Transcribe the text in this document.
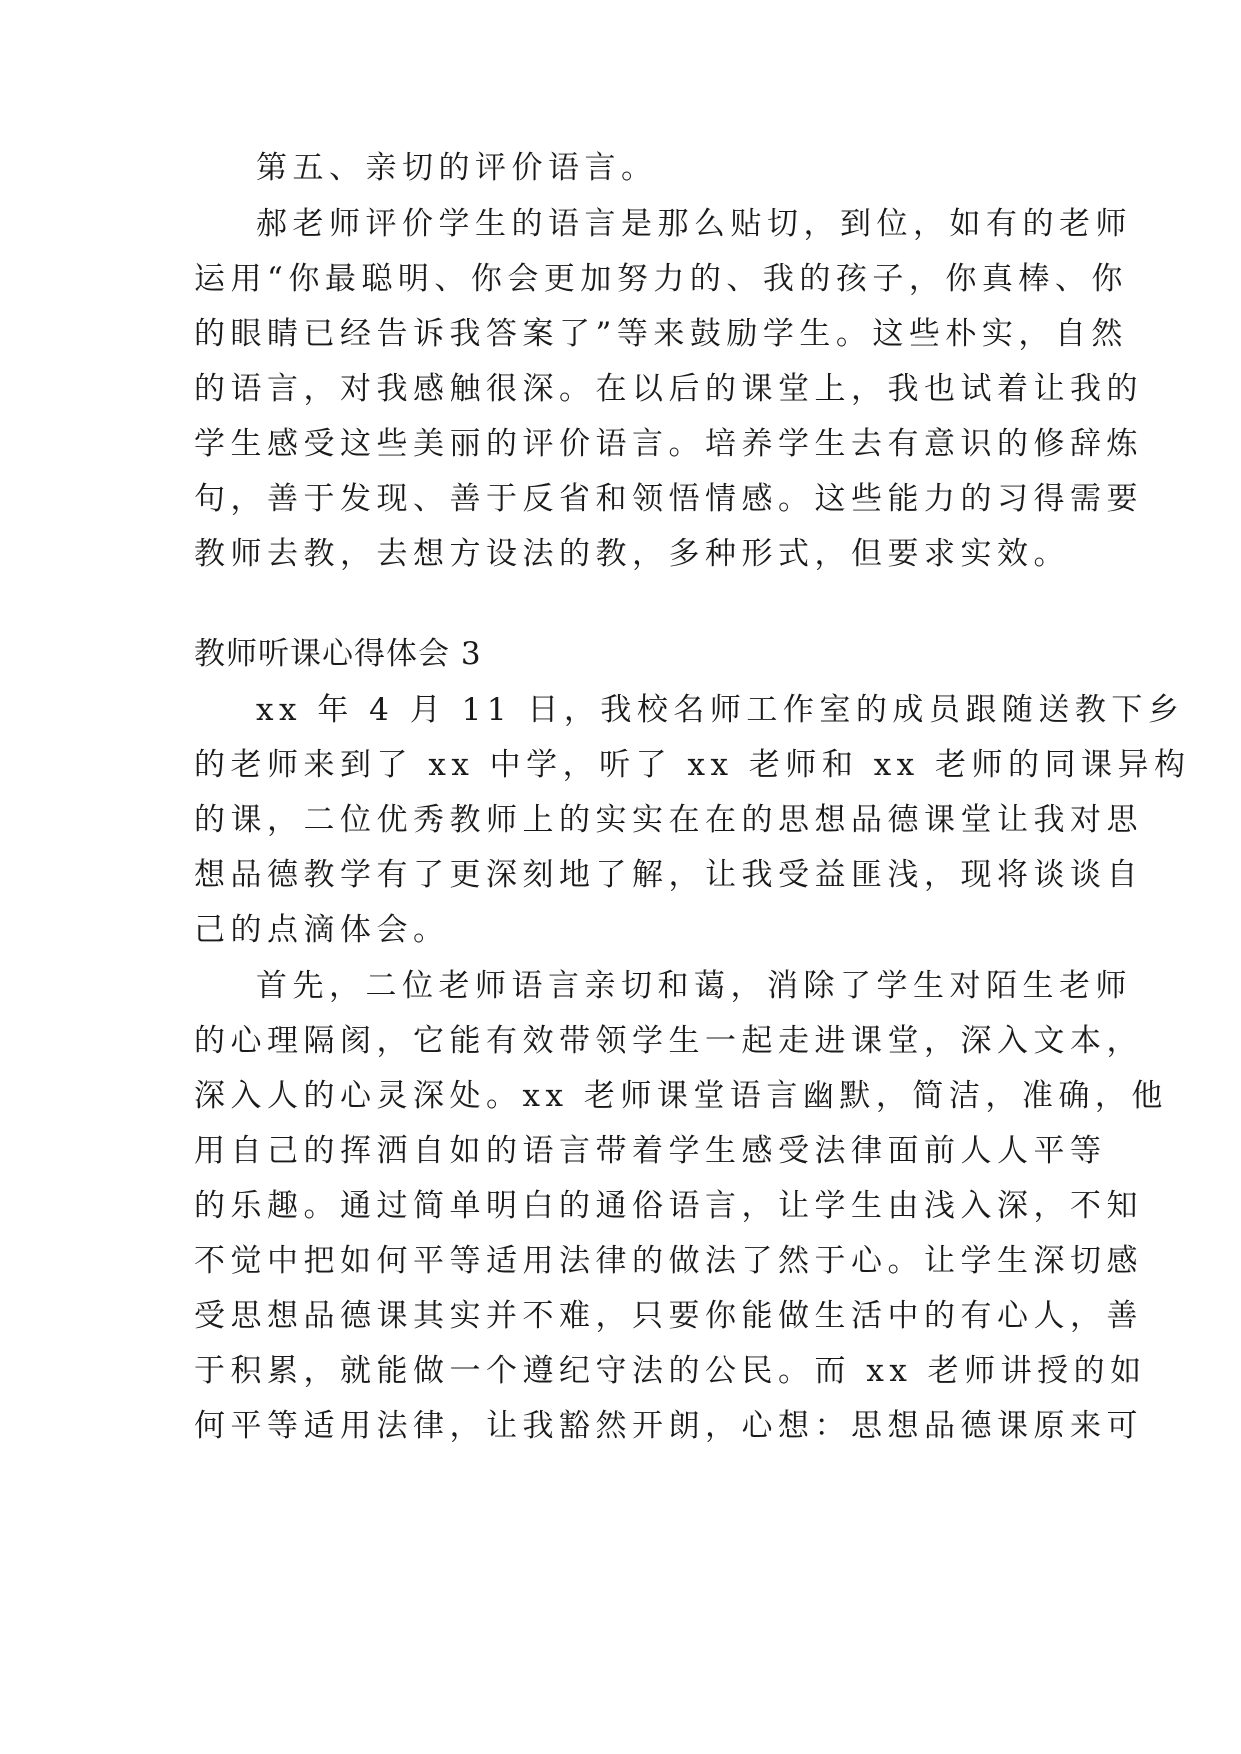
第五、亲切的评价语言。
郝老师评价学生的语言是那么贴切，到位，如有的老师
运用“你最聪明、你会更加努力的、我的孩子，你真棒、你
的眼睛已经告诉我答案了”等来鼓励学生。这些朴实，自然
的语言，对我感触很深。在以后的课堂上，我也试着让我的
学生感受这些美丽的评价语言。培养学生去有意识的修辞炼
句，善于发现、善于反省和领悟情感。这些能力的习得需要
教师去教，去想方设法的教，多种形式，但要求实效。
教师听课心得体会 3
xx 年 4 月 11 日，我校名师工作室的成员跟随送教下乡
的老师来到了 xx 中学，听了 xx 老师和 xx 老师的同课异构
的课，二位优秀教师上的实实在在的思想品德课堂让我对思
想品德教学有了更深刻地了解，让我受益匪浅，现将谈谈自
己的点滴体会。
首先，二位老师语言亲切和蔼，消除了学生对陌生老师
的心理隔阂，它能有效带领学生一起走进课堂，深入文本，
深入人的心灵深处。xx 老师课堂语言幽默，简洁，准确，他
用自己的挥洒自如的语言带着学生感受法律面前人人平等
的乐趣。通过简单明白的通俗语言，让学生由浅入深，不知
不觉中把如何平等适用法律的做法了然于心。让学生深切感
受思想品德课其实并不难，只要你能做生活中的有心人，善
于积累，就能做一个遵纪守法的公民。而 xx 老师讲授的如
何平等适用法律，让我豁然开朗，心想：思想品德课原来可
